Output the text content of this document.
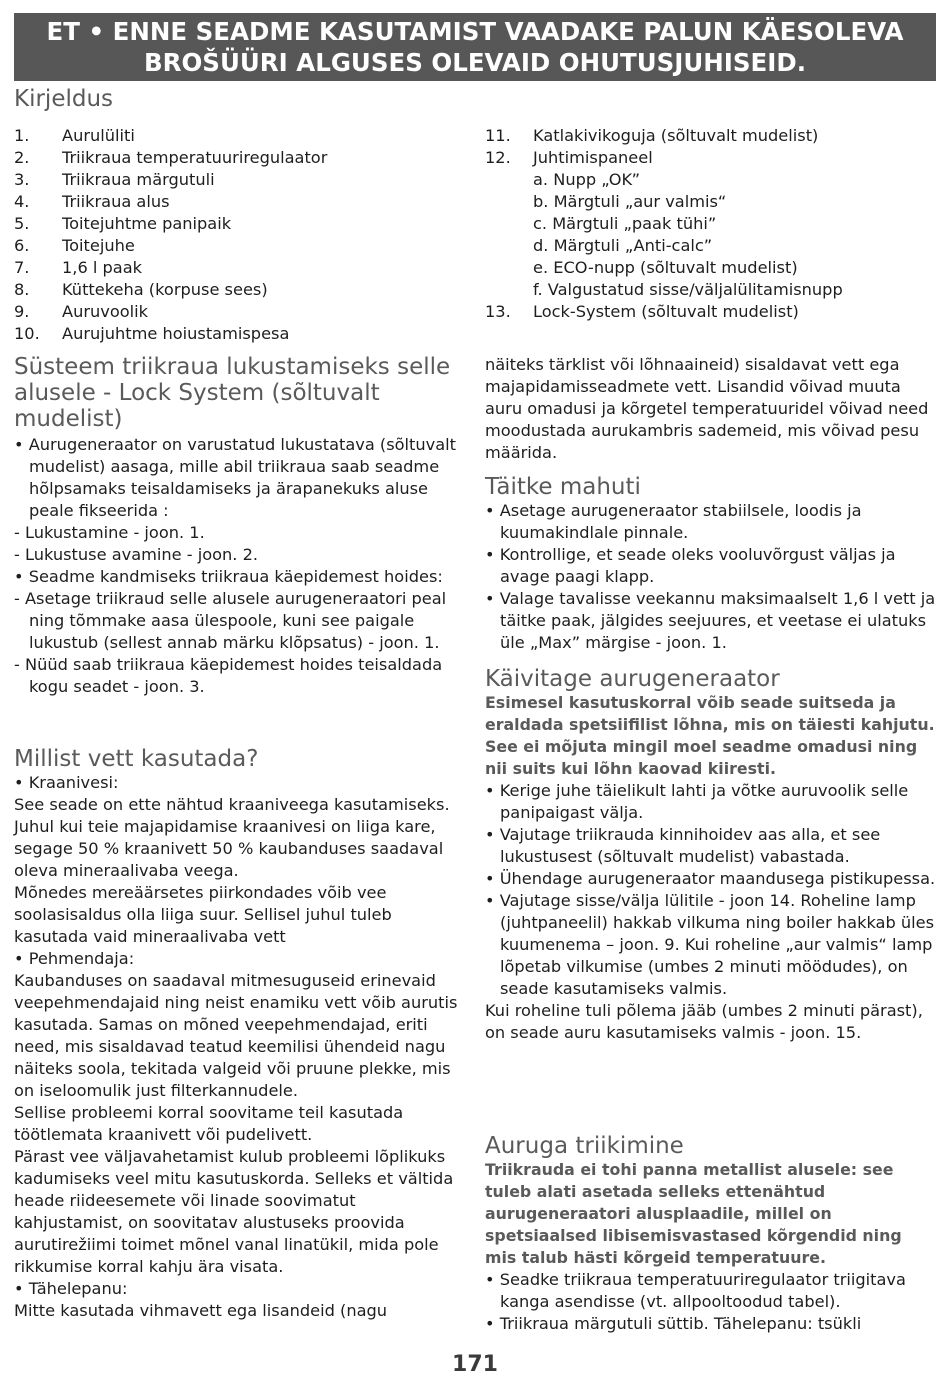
ET • ENNE SEADME KASUTAMIST VAADAKE PALUN KÄESOLEVA
BROŠÜÜRI ALGUSES OLEVAID OHUTUSJUHISEID.
Kirjeldus
1. Aurulüliti
2. Triikraua temperatuuriregulaator
3. Triikraua märgutuli
4. Triikraua alus
5. Toitejuhtme panipaik
6. Toitejuhe
7. 1,6 l paak
8. Küttekeha (korpuse sees)
9. Auruvoolik
10. Aurujuhtme hoiustamispesa
11. Katlakivikoguja (sõltuvalt mudelist)
12. Juhtimispaneel
a. Nupp „OK”
b. Märgtuli „aur valmis“
c. Märgtuli „paak tühi”
d. Märgtuli „Anti-calc”
e. ECO-nupp (sõltuvalt mudelist)
f. Valgustatud sisse/väljalülitamisnupp
13. Lock-System (sõltuvalt mudelist)
Süsteem triikraua lukustamiseks selle
alusele - Lock System (sõltuvalt
mudelist)

• Aurugeneraator on varustatud lukustatava (sõltuvalt mudelist) aasaga, mille abil triikraua saab seadme hõlpsamaks teisaldamiseks ja ärapanekuks aluse peale fikseerida :

- Lukustamine - joon. 1.

- Lukustuse avamine - joon. 2.

• Seadme kandmiseks triikraua käepidemest hoides:

- Asetage triikraud selle alusele aurugeneraatori peal ning tõmmake aasa ülespoole, kuni see paigale lukustub (sellest annab märku klõpsatus) - joon. 1.

- Nüüd saab triikraua käepidemest hoides teisaldada kogu seadet - joon. 3.

Millist vett kasutada?

• Kraanivesi:

See seade on ette nähtud kraaniveega kasutamiseks. Juhul kui teie majapidamise kraanivesi on liiga kare, segage 50 % kraanivett 50 % kaubanduses saadaval oleva mineraalivaba veega.

Mõnedes mereäärsetes piirkondades võib vee soolasisaldus olla liiga suur. Sellisel juhul tuleb kasutada vaid mineraalivaba vett

• Pehmendaja:

Kaubanduses on saadaval mitmesuguseid erinevaid veepehmendajaid ning neist enamiku vett võib aurutis kasutada. Samas on mõned veepehmendajad, eriti need, mis sisaldavad teatud keemilisi ühendeid nagu näiteks soola, tekitada valgeid või pruune plekke, mis on iseloomulik just filterkannudele.

Sellise probleemi korral soovitame teil kasutada töötlemata kraanivett või pudelivett.

Pärast vee väljavahetamist kulub probleemi lõplikuks kadumiseks veel mitu kasutuskorda. Selleks et vältida heade riideesemete või linade soovimatut kahjustamist, on soovitatav alustuseks proovida aurutirežiimi toimet mõnel vanal linatükil, mida pole rikkumise korral kahju ära visata.

• Tähelepanu:

Mitte kasutada vihmavett ega lisandeid (nagu

näiteks tärklist või lõhnaaineid) sisaldavat vett ega majapidamisseadmete vett. Lisandid võivad muuta auru omadusi ja kõrgetel temperatuuridel võivad need moodustada aurukambris sademeid, mis võivad pesu määrida.

Täitke mahuti

• Asetage aurugeneraator stabiilsele, loodis ja kuumakindlale pinnale.

• Kontrollige, et seade oleks vooluvõrgust väljas ja avage paagi klapp.

• Valage tavalisse veekannu maksimaalselt 1,6 l vett ja täitke paak, jälgides seejuures, et veetase ei ulatuks üle „Max” märgise - joon. 1.

Käivitage aurugeneraator

Esimesel kasutuskorral võib seade suitseda ja eraldada spetsiifilist lõhna, mis on täiesti kahjutu. See ei mõjuta mingil moel seadme omadusi ning nii suits kui lõhn kaovad kiiresti.

• Kerige juhe täielikult lahti ja võtke auruvoolik selle panipaigast välja.

• Vajutage triikrauda kinnihoidev aas alla, et see lukustusest (sõltuvalt mudelist) vabastada.

• Ühendage aurugeneraator maandusega pistikupessa.

• Vajutage sisse/välja lülitile - joon 14. Roheline lamp (juhtpaneelil) hakkab vilkuma ning boiler hakkab üles kuumenema – joon. 9. Kui roheline „aur valmis“ lamp lõpetab vilkumise (umbes 2 minuti möödudes), on seade kasutamiseks valmis.

Kui roheline tuli põlema jääb (umbes 2 minuti pärast), on seade auru kasutamiseks valmis - joon. 15.

Auruga triikimine

Triikrauda ei tohi panna metallist alusele: see tuleb alati asetada selleks ettenähtud aurugeneraatori alusplaadile, millel on spetsiaalsed libisemisvastased kõrgendid ning mis talub hästi kõrgeid temperatuure.

• Seadke triikraua temperatuuriregulaator triigitava kanga asendisse (vt. allpooltoodud tabel).

• Triikraua märgutuli süttib. Tähelepanu: tsükli

171
